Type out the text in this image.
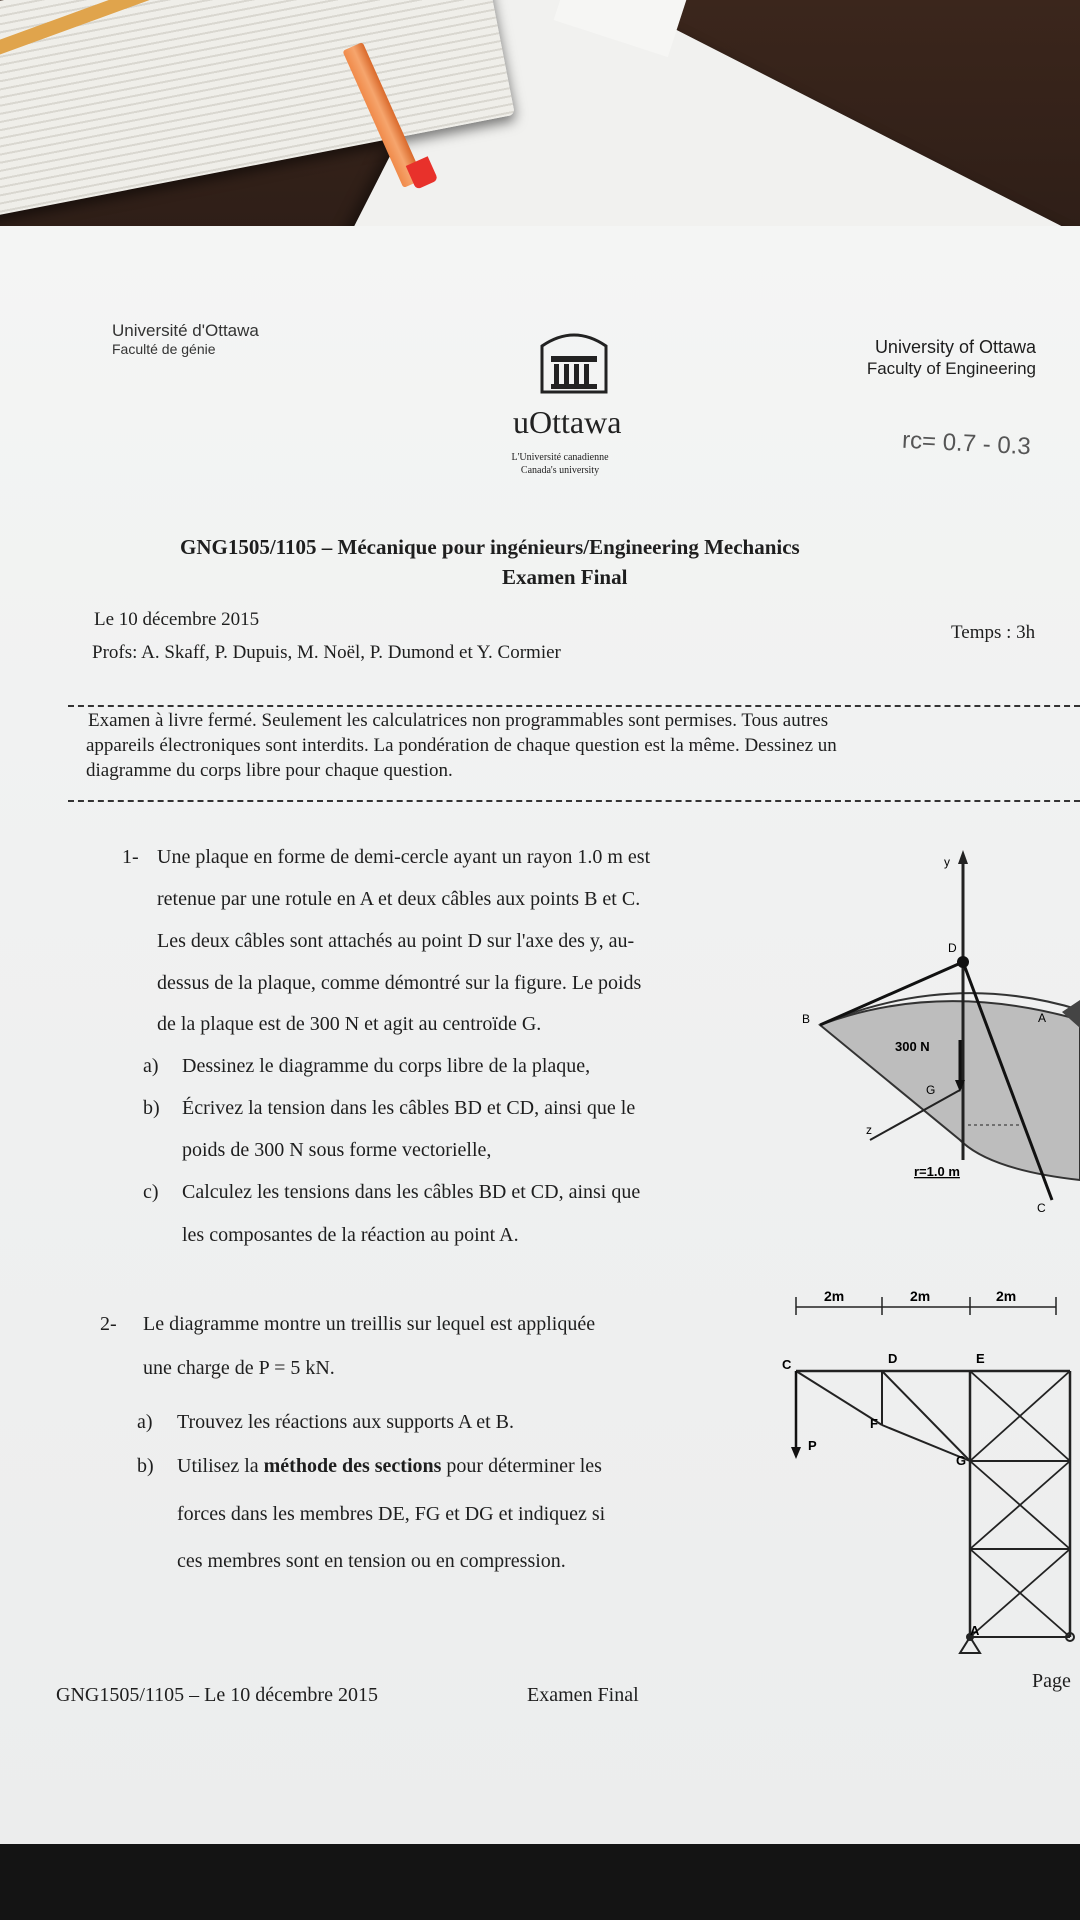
Université d'Ottawa
Faculté de génie	University of Ottawa
Faculty of Engineering
uOttawa
L'Université canadienne
Canada's university
rc= 0.7 - 0.3
GNG1505/1105 – Mécanique pour ingénieurs/Engineering Mechanics
Examen Final
Le 10 décembre 2015
Profs: A. Skaff, P. Dupuis, M. Noël, P. Dumond et Y. Cormier
Temps : 3h
Examen à livre fermé. Seulement les calculatrices non programmables sont permises. Tous autres
appareils électroniques sont interdits. La pondération de chaque question est la même. Dessinez un
diagramme du corps libre pour chaque question.
1- Une plaque en forme de demi-cercle ayant un rayon 1.0 m est
retenue par une rotule en A et deux câbles aux points B et C.
Les deux câbles sont attachés au point D sur l'axe des y, au-
dessus de la plaque, comme démontré sur la figure. Le poids
de la plaque est de 300 N et agit au centroïde G.
a) Dessinez le diagramme du corps libre de la plaque,
b) Écrivez la tension dans les câbles BD et CD, ainsi que le
poids de 300 N sous forme vectorielle,
c) Calculez les tensions dans les câbles BD et CD, ainsi que
les composantes de la réaction au point A.
y
D
B	A
300 N
G
z
r=1.0 m
C
2- Le diagramme montre un treillis sur lequel est appliquée
une charge de P = 5 kN.
a) Trouvez les réactions aux supports A et B.
b) Utilisez la méthode des sections pour déterminer les
forces dans les membres DE, FG et DG et indiquez si
ces membres sont en tension ou en compression.
2m	2m	2m
C	D	E
F
G
P
A
GNG1505/1105 – Le 10 décembre 2015	Examen Final
Page
